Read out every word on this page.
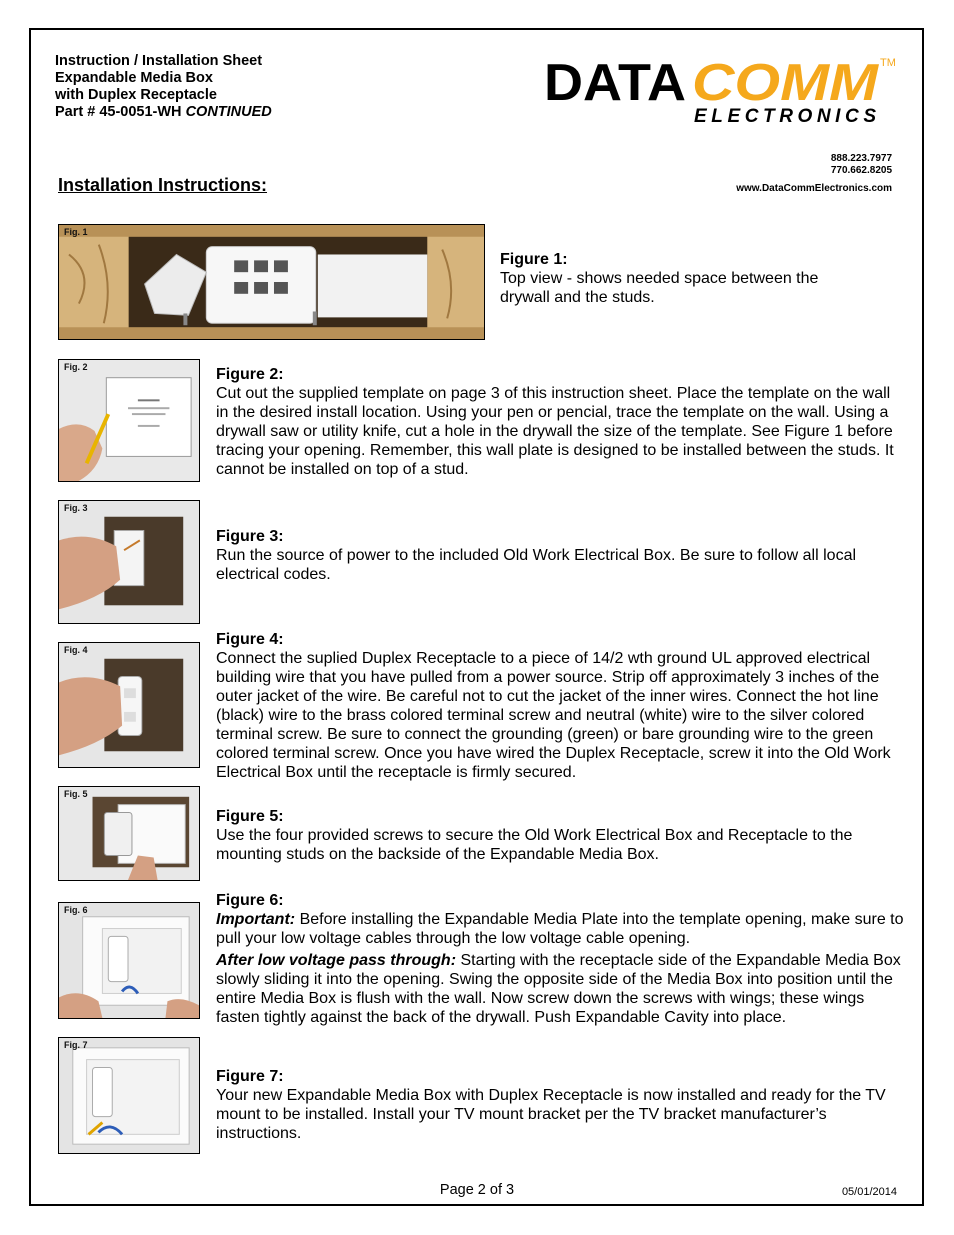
Instruction / Installation Sheet
Expandable Media Box
with Duplex Receptacle
Part # 45-0051-WH CONTINUED	DATA COMM TM
ELECTRONICS
888.223.7977
770.662.8205
www.DataCommElectronics.com
Installation Instructions:
Fig. 1
Figure 1:
Top view - shows needed space between the drywall and the studs.
Fig. 2	Figure 2:
Cut out the supplied template on page 3 of this instruction sheet. Place the template on the wall in the desired install location. Using your pen or pencial, trace the template on the wall. Using a drywall saw or utility knife, cut a hole in the drywall the size of the template. See Figure 1 before tracing your opening. Remember, this wall plate is designed to be installed between the studs. It cannot be installed on top of a stud.
Fig. 3
Figure 3:
Run the source of power to the included Old Work Electrical Box. Be sure to follow all local electrical codes.
Fig. 4
Figure 4:
Connect the suplied Duplex Receptacle to a piece of 14/2 wth ground UL approved electrical building wire that you have pulled from a power source. Strip off approximately 3 inches of the outer jacket of the wire. Be careful not to cut the jacket of the inner wires. Connect the hot line (black) wire to the brass colored terminal screw and neutral (white) wire to the silver colored terminal screw. Be sure to connect the grounding (green) or bare grounding wire to the green colored terminal screw. Once you have wired the Duplex Receptacle, screw it into the Old Work Electrical Box until the receptacle is firmly secured.
Fig. 5
Figure 5:
Use the four provided screws to secure the Old Work Electrical Box and Receptacle to the mounting studs on the backside of the Expandable Media Box.
Fig. 6
Figure 6:
Important: Before installing the Expandable Media Plate into the template opening, make sure to pull your low voltage cables through the low voltage cable opening.
After low voltage pass through: Starting with the receptacle side of the Expandable Media Box slowly sliding it into the opening. Swing the opposite side of the Media Box into position until the entire Media Box is flush with the wall. Now screw down the screws with wings; these wings fasten tightly against the back of the drywall. Push Expandable Cavity into place.
Fig. 7
Figure 7:
Your new Expandable Media Box with Duplex Receptacle is now installed and ready for the TV mount to be installed. Install your TV mount bracket per the TV bracket manufacturer’s instructions.
Page 2 of 3	05/01/2014
